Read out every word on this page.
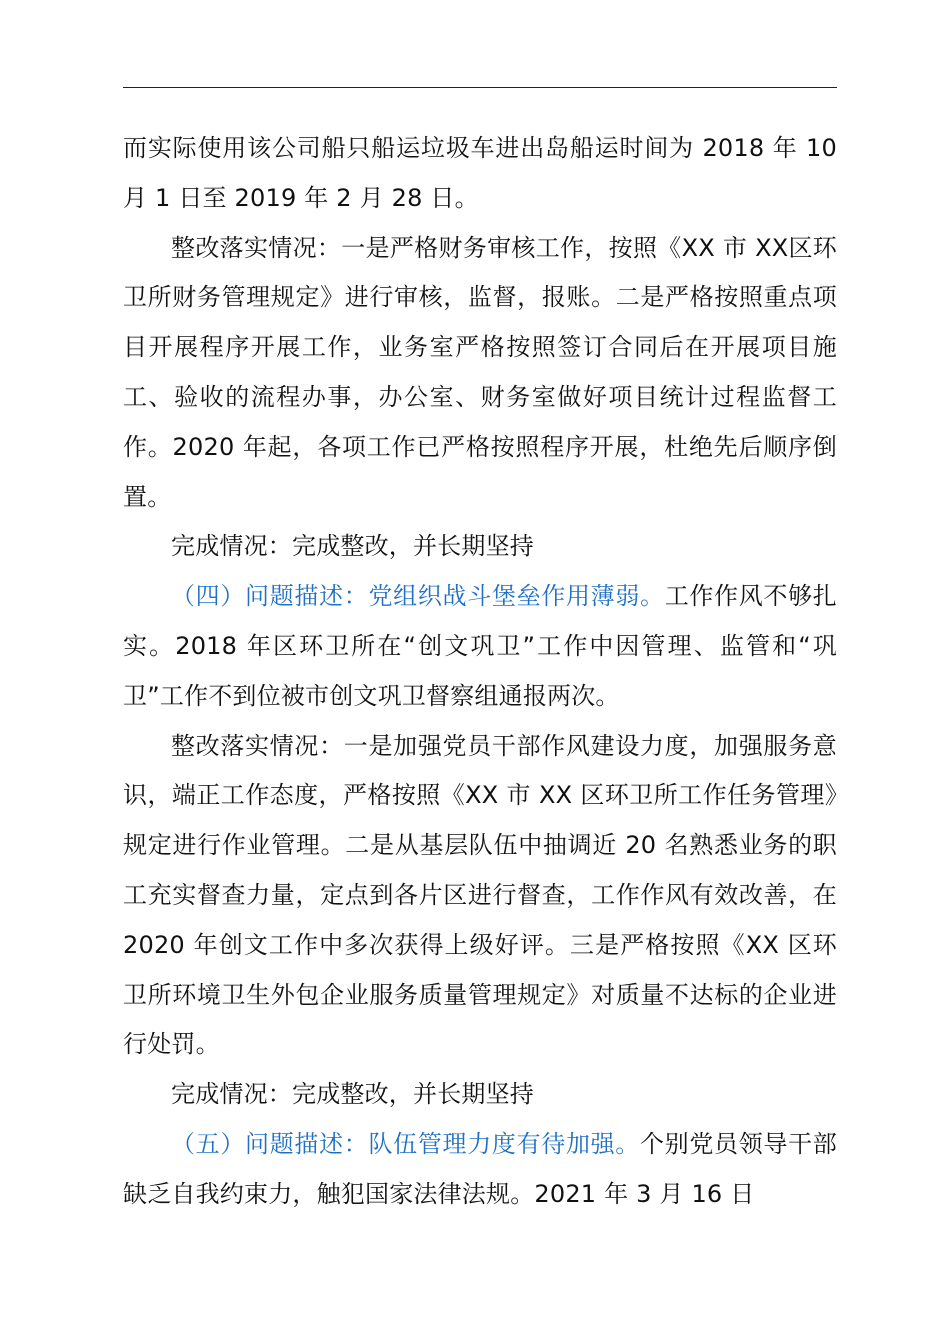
而实际使用该公司船只船运垃圾车进出岛船运时间为 2018 年 10月 1 日至 2019 年 2 月 28 日。

整改落实情况：一是严格财务审核工作，按照《XX 市 XX区环卫所财务管理规定》进行审核，监督，报账。二是严格按照重点项目开展程序开展工作，业务室严格按照签订合同后在开展项目施工、验收的流程办事，办公室、财务室做好项目统计过程监督工作。2020 年起，各项工作已严格按照程序开展，杜绝先后顺序倒置。

完成情况：完成整改，并长期坚持

（四）问题描述：党组织战斗堡垒作用薄弱。工作作风不够扎实。2018 年区环卫所在“创文巩卫”工作中因管理、监管和“巩卫”工作不到位被市创文巩卫督察组通报两次。

整改落实情况：一是加强党员干部作风建设力度，加强服务意识，端正工作态度，严格按照《XX 市 XX 区环卫所工作任务管理》规定进行作业管理。二是从基层队伍中抽调近 20 名熟悉业务的职工充实督查力量，定点到各片区进行督查，工作作风有效改善，在 2020 年创文工作中多次获得上级好评。三是严格按照《XX 区环卫所环境卫生外包企业服务质量管理规定》对质量不达标的企业进行处罚。

完成情况：完成整改，并长期坚持

（五）问题描述：队伍管理力度有待加强。个别党员领导干部缺乏自我约束力，触犯国家法律法规。2021 年 3 月 16 日
